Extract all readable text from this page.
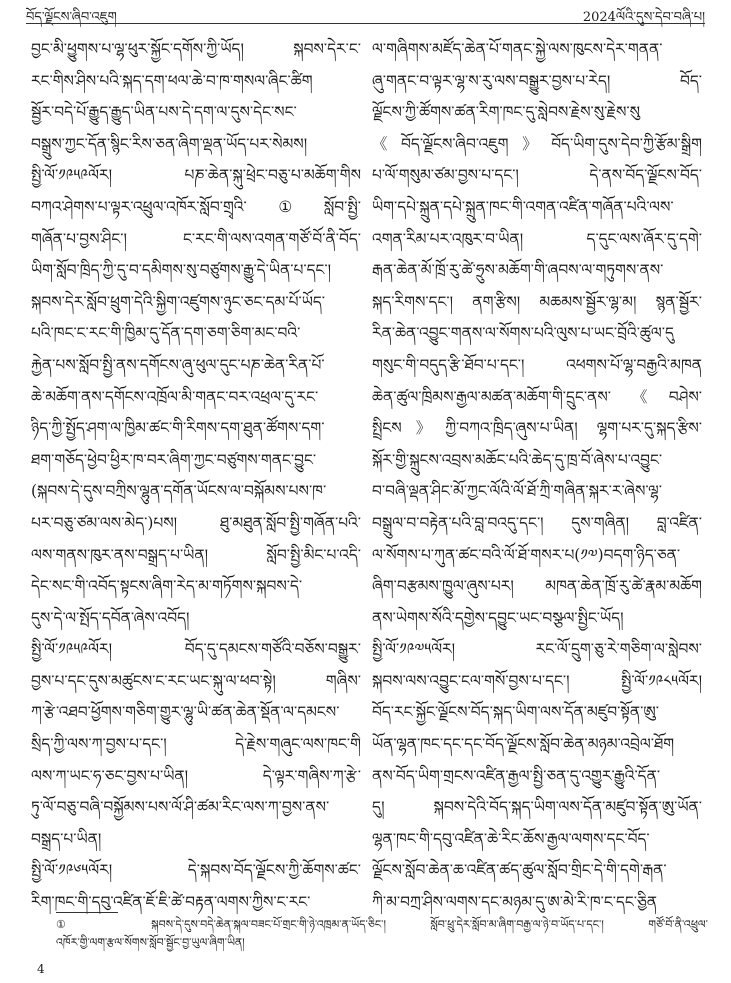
བོད་ལྗོངས་ཞིབ་འཇུག	2024ལོའི་དུས་དེབ་བཞི་པ།
བྱང་མི་ཕྱུགས་པ་ལྷ་ཕུར་སྐྱོང་དགོས་ཀྱི་ཡོད། སྐབས་དེར་ང་
རང་གིས་ཤིས་པའི་སྐད་དག་ཕལ་ཆེ་བ་ཁ་གསལ་ཞིང་ཚིག
སྦྱོར་བདེ་པོ་རྒྱུད་རྒྱུད་ཡིན་པས་དེ་དག་ལ་དུས་དེང་སང་
བསྒྲུས་ཀྱང་དོན་སྙིང་རིས་ཅན་ཞིག་ལྡན་ཡོད་པར་སེམས།
སྤྱི་ལོ་༡༩༥༩ལོར། པཎ་ཆེན་སྐུ་ཕྲེང་བཅུ་པ་མཆོག་གིས
བཀའ་ཤེགས་པ་ལྟར་འཕྲུལ་འཁོར་སློབ་གྲྭའི་①སློབ་སྤྱི་
གཞོན་པ་བྱས་ཤིང་། ང་རང་གི་ལས་འགན་གཙོ་བོ་ནི་བོད་
ཡིག་སློབ་ཁྲིད་ཀྱི་དུ་བ་དམིགས་སུ་བཙུགས་རྒྱུ་དེ་ཡིན་པ་དང་།
སྐབས་དེར་སློབ་ཕྲུག་དེའི་སྐྱིག་འཛུགས་ཉུང་ཅང་དམ་པོ་ཡོད་
པའི་ཁང་ང་རང་གི་ཁྱིམ་དུ་དོན་དག་ཅག་ཅིག་མང་བའི་
རྐྱེན་པས་སློབ་སྤྱི་ནས་དགོངས་ཞུ་ཕུལ་དུང་པཎ་ཆེན་རིན་པོ་
ཆེ་མཆོག་ནས་དགོངས་འཁྲོལ་མི་གནང་བར་འཕྲལ་དུ་རང་
ཉིད་ཀྱི་སྤྱོད་ཤག་ལ་ཁྱིམ་ཚང་གི་རིགས་དག་ཐུན་ཚོགས་དག་
ཐག་གཅོད་ཕྱེབ་ཕྱིར་ཁ་བར་ཞིག་ཀྱང་བཙུགས་གནང་བྱུང་
(སྐབས་དེ་དུས་བཀྲིས་ལྷུན་དགོན་ཡོངས་ལ་བསྐོམས་པས་ཁ་
པར་བཅུ་ཙམ་ལས་མེད་)པས། ཐུ་མཐུན་སློབ་སྤྱི་གཞོན་པའི་
ལས་གནས་ཁུར་ནས་བསྒྲད་པ་ཡིན། སློབ་སྤྱི་མིང་པ་འདི་
དེང་སང་གི་འབོད་སྟངས་ཞིག་རེད་མ་གཏོགས་སྐབས་དེ་
དུས་དེ་ལ་སྤོད་དབོན་ཞེས་འབོད།
སྤྱི་ལོ་༡༩༥༩ལོར། བོད་དུ་དམངས་གཙོའི་བཅོས་བསྒྱུར་
བྱས་པ་དང་དུས་མཚུངས་ང་རང་ཡང་སྐུ་ལ་ཕབ་སྟེ། གཞིས་
ཀ་རྩེ་འཐབ་ཕྱོགས་གཅིག་གྱུར་ལྷུ་ཡི་ཚན་ཆེན་སྡོན་ལ་དམངས་
སྲིད་ཀྱི་ལས་ཀ་བྱས་པ་དང་། དེ་རྗེས་གཞུང་ལས་ཁང་གི
ལས་ཀ་ཡང་ཧ་ཅང་བྱས་པ་ཡིན། དེ་ལྟར་གཞིས་ཀ་རྩེ་
ཏུ་ལོ་བཅུ་བཞི་བསྐྱོམས་པས་ལོ་ཤི་ཚམ་རིང་ལས་ཀ་བྱས་ནས་
བསྒྲད་པ་ཡིན།
སྤྱི་ལོ་༡༩༦༥ལོར། དེ་སྐབས་བོད་ལྗོངས་ཀྱི་ཆོགས་ཚང་
རིག་ཁང་གི་དབུ་འཛིན་ཇོ་ཇི་ཚེ་བརྟན་ལགས་ཀྱིས་ང་རང་
ལ་གཞིགས་མཛོད་ཆེན་པོ་གནང་སྐྱེ་ལས་ཁུངས་དེར་གནན་
ཞུ་གནང་བ་ལྟར་ལྷ་ས་རུ་ལས་བསྒྱུར་བྱས་པ་རེད། བོད་
ལྗོངས་ཀྱི་ཚོགས་ཚན་རིག་ཁང་དུ་སླེབས་རྗེས་སུ་རྗེས་སུ
《བོད་ལྗོངས་ཞིབ་འཇུག》བོད་ཡིག་དུས་དེབ་ཀྱི་རྩོམ་སྒྲིག
པ་ལོ་གསུམ་ཙམ་བྱས་པ་དང་། དེ་ནས་བོད་ལྗོངས་བོད་
ཡིག་དཔེ་སྐྲུན་དཔེ་སྐྲུན་ཁང་གི་འགན་འཛིན་གཞོན་པའི་ལས་
འགན་རིམ་པར་འཁུར་བ་ཡིན། ད་དུང་ལས་ཞོར་དུ་དགེ་
རྒན་ཆེན་མོ་ཁྲོ་རུ་ཚེ་ཧྲུས་མཆོག་གི་ཞབས་ལ་གཏུགས་ནས་
སྐད་རིགས་དང་། ནག་རྩིས། མཆམས་སྦྱོར་ལྷ་མ། སྙན་སྦྱོར་
རིན་ཆེན་འབྱུང་གནས་ལ་སོགས་པའི་ལུས་པ་ཡང་བྲོའི་ཚུལ་དུ
གསུང་གི་བདུད་རྩི་ཐོབ་པ་དང་། འཕགས་པོ་ལྷ་བརྒྱའི་མཁན
ཆེན་ཚུལ་ཁྲིམས་རྒྱལ་མཚན་མཆོག་གི་དྲུང་ནས་《བཤེས་
སྤྲིངས》ཀྱི་བཀའ་ཁྲིད་ཞུས་པ་ཡིན། ལྷག་པར་དུ་སྐད་རྩིས་
སྐོར་གྱི་སྐྲུངས་འབྲས་མཆོང་པའི་ཆེད་དུ་ཁྲ་བོ་ཞེས་པ་འབྱུང་
བ་བཞི་ལྡན་ཤིང་མོ་ཀྱང་ལོའི་ལོ་ཐོ་ཀྲི་གཞིན་སྐར་ར་ཞེས་ལྷ་
བསྒྲུལ་བ་བརྟེན་པའི་བླ་བའདུ་དང་། དུས་གཞིན། བླ་འཛིན་
ལ་སོགས་པ་ཀུན་ཚང་བའི་ལོ་ཐོ་གསར་པ(༡༧)བདག་ཉིད་ཅན་
ཞིག་བརྩམས་ཁྱུལ་ཞུས་པར། མཁན་ཆེན་ཁྲོ་རུ་ཚེ་རྣམ་མཆོག
ནས་ཡེགས་སོའི་དགྱེས་དབྱུང་ཡང་བསྩལ་སྤྱིང་ཡོད།
སྤྱི་ལོ་༡༩༧༥ལོར། རང་ལོ་དྲུག་ཅུ་རེ་གཅིག་ལ་སླེབས་
སྐབས་ལས་འབྱུང་ངལ་གསོ་བྱས་པ་དང་། སྤྱི་ལོ་༡༩༨༥ལོར།
བོད་རང་སྐྱོང་ལྗོངས་བོད་སྐད་ཡིག་ལས་དོན་མཛུབ་སྟོན་ཨུ་
ཡོན་ལྷན་ཁང་དང་དང་བོད་ལྗོངས་སློབ་ཆེན་མཉམ་འབྲེལ་ཐོག
ནས་བོད་ཡིག་གྲངས་འཛིན་རྒྱལ་སྤྱི་ཅན་དུ་འགྱུར་རྒྱུའི་དོན་
དུ། སྐབས་དེའི་བོད་སྐད་ཡིག་ལས་དོན་མཛུབ་སྟོན་ཨུ་ཡོན་
ལྷན་ཁང་གི་དབུ་འཛིན་ཆེ་རིང་ཆོས་རྒྱལ་ལགས་དང་བོད་
ལྗོངས་སློབ་ཆེན་ཆ་འཛིན་ཚད་ཚུལ་སློབ་གྲིང་དེ་གི་དགེ་རྒན་
ཀི་མ་བཀྲ་ཤིས་ལགས་དང་མཉམ་དུ་ཨ་མེ་རི་ཁ་ང་དང་ཅྱིན
① སྐབས་དེ་དུས་བདེ་ཆེན་སྐལ་བཟང་པོ་གྲང་གི་ཉེ་འཁྲམ་ན་ཡོད་ཅིང་། སློབ་ཕྲུ་དེར་སློབ་མ་ཞིག་བརྒྱ་ལ་ཉེ་བ་ཡོད་པ་དང་། གཙོ་བོ་ནི་འཕྲུལ་
འཁོར་གྱི་ལག་རྩལ་སོགས་སློབ་སྦྱོང་བྱ་ཡུལ་ཞིག་ཡིན།
4
